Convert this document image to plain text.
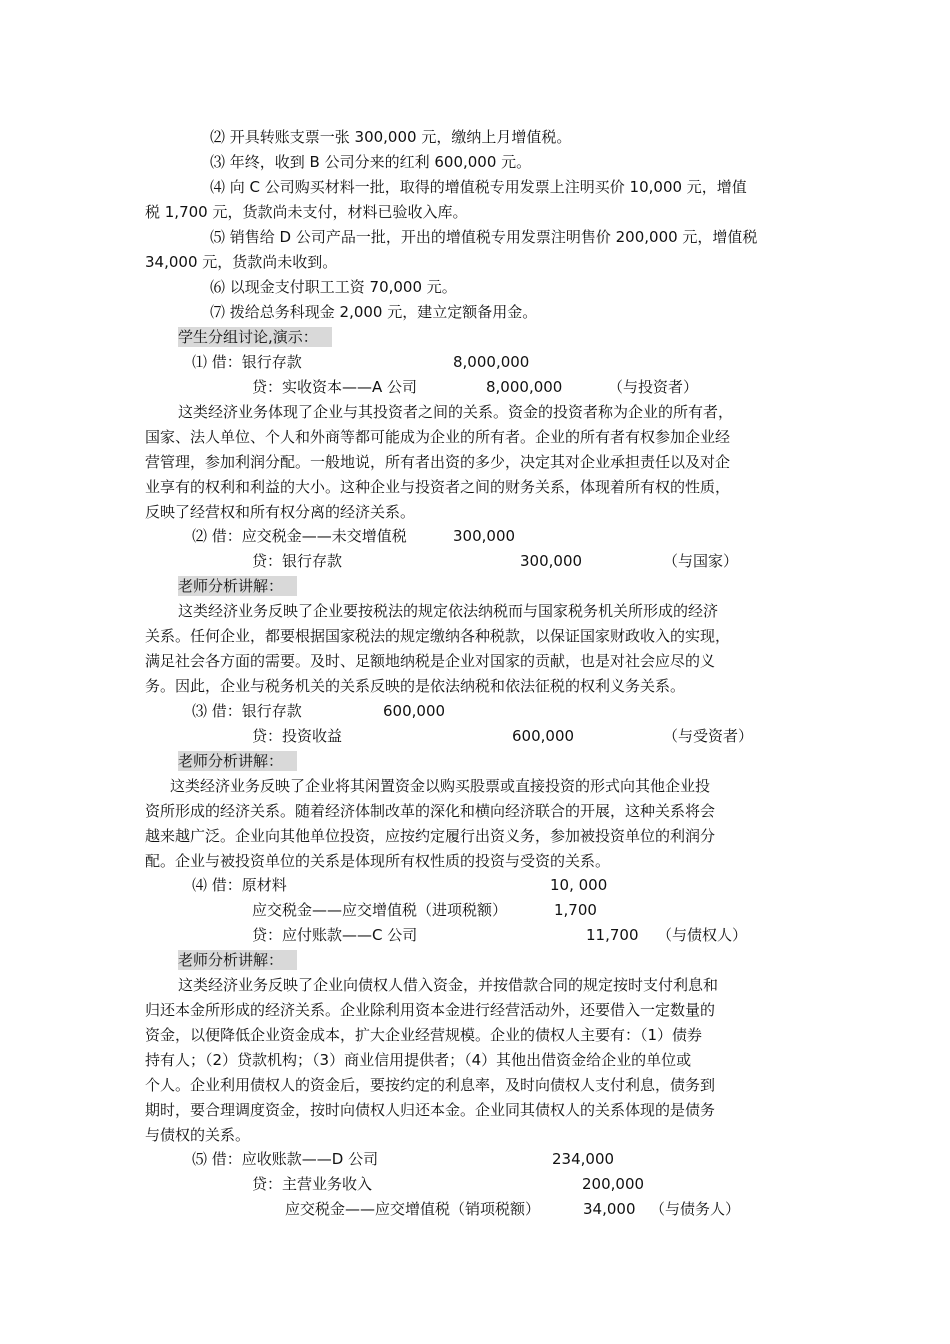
⑵ 开具转账支票一张 300,000 元，缴纳上月增值税。
⑶ 年终，收到 B 公司分来的红利 600,000 元。
⑷ 向 C 公司购买材料一批，取得的增值税专用发票上注明买价 10,000 元，增值
税 1,700 元，货款尚未支付，材料已验收入库。
⑸ 销售给 D 公司产品一批，开出的增值税专用发票注明售价 200,000 元，增值税
34,000 元，货款尚未收到。
⑹ 以现金支付职工工资 70,000 元。
⑺ 拨给总务科现金 2,000 元，建立定额备用金。
学生分组讨论,演示：
⑴ 借：银行存款	8,000,000
贷：实收资本——A 公司	8,000,000	（与投资者）
这类经济业务体现了企业与其投资者之间的关系。资金的投资者称为企业的所有者，
国家、法人单位、个人和外商等都可能成为企业的所有者。企业的所有者有权参加企业经
营管理，参加利润分配。一般地说，所有者出资的多少，决定其对企业承担责任以及对企
业享有的权利和利益的大小。这种企业与投资者之间的财务关系，体现着所有权的性质，
反映了经营权和所有权分离的经济关系。
⑵ 借：应交税金——未交增值税	300,000
贷：银行存款	300,000	（与国家）
老师分析讲解：
这类经济业务反映了企业要按税法的规定依法纳税而与国家税务机关所形成的经济
关系。任何企业，都要根据国家税法的规定缴纳各种税款，以保证国家财政收入的实现，
满足社会各方面的需要。及时、足额地纳税是企业对国家的贡献，也是对社会应尽的义
务。因此，企业与税务机关的关系反映的是依法纳税和依法征税的权利义务关系。
⑶ 借：银行存款	600,000
贷：投资收益	600,000	（与受资者）
老师分析讲解：
这类经济业务反映了企业将其闲置资金以购买股票或直接投资的形式向其他企业投
资所形成的经济关系。随着经济体制改革的深化和横向经济联合的开展，这种关系将会
越来越广泛。企业向其他单位投资，应按约定履行出资义务，参加被投资单位的利润分
配。企业与被投资单位的关系是体现所有权性质的投资与受资的关系。
⑷ 借：原材料	10, 000
应交税金——应交增值税（进项税额）	1,700
贷：应付账款——C 公司	11,700 （与债权人）
老师分析讲解：
这类经济业务反映了企业向债权人借入资金，并按借款合同的规定按时支付利息和
归还本金所形成的经济关系。企业除利用资本金进行经营活动外，还要借入一定数量的
资金，以便降低企业资金成本，扩大企业经营规模。企业的债权人主要有：（1）债券
持有人；（2）贷款机构；（3）商业信用提供者；（4）其他出借资金给企业的单位或
个人。企业利用债权人的资金后，要按约定的利息率，及时向债权人支付利息，债务到
期时，要合理调度资金，按时向债权人归还本金。企业同其债权人的关系体现的是债务
与债权的关系。
⑸ 借：应收账款——D 公司	234,000
贷：主营业务收入	200,000
应交税金——应交增值税（销项税额）	34,000 （与债务人）
